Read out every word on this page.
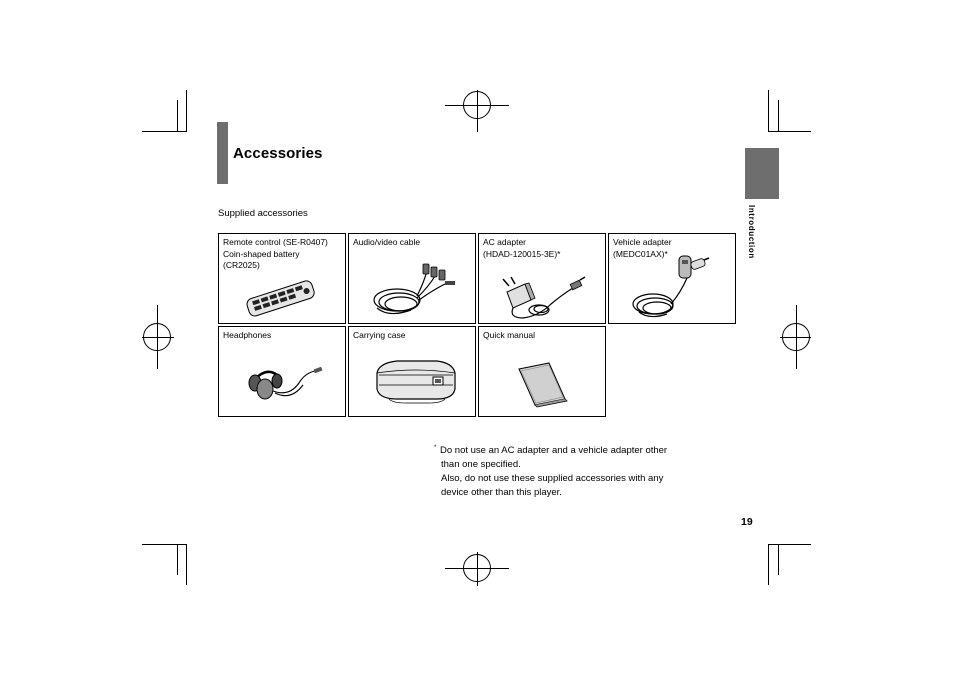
Accessories
Introduction
Supplied accessories
Remote control (SE-R0407)
Coin-shaped battery
(CR2025)
Audio/video cable	AC adapter
(HDAD-120015-3E)*
Vehicle adapter
(MEDC01AX)*
Headphones	Carrying case	Quick manual
* Do not use an AC adapter and a vehicle adapter other
than one specified.
Also, do not use these supplied accessories with any
device other than this player.
19
